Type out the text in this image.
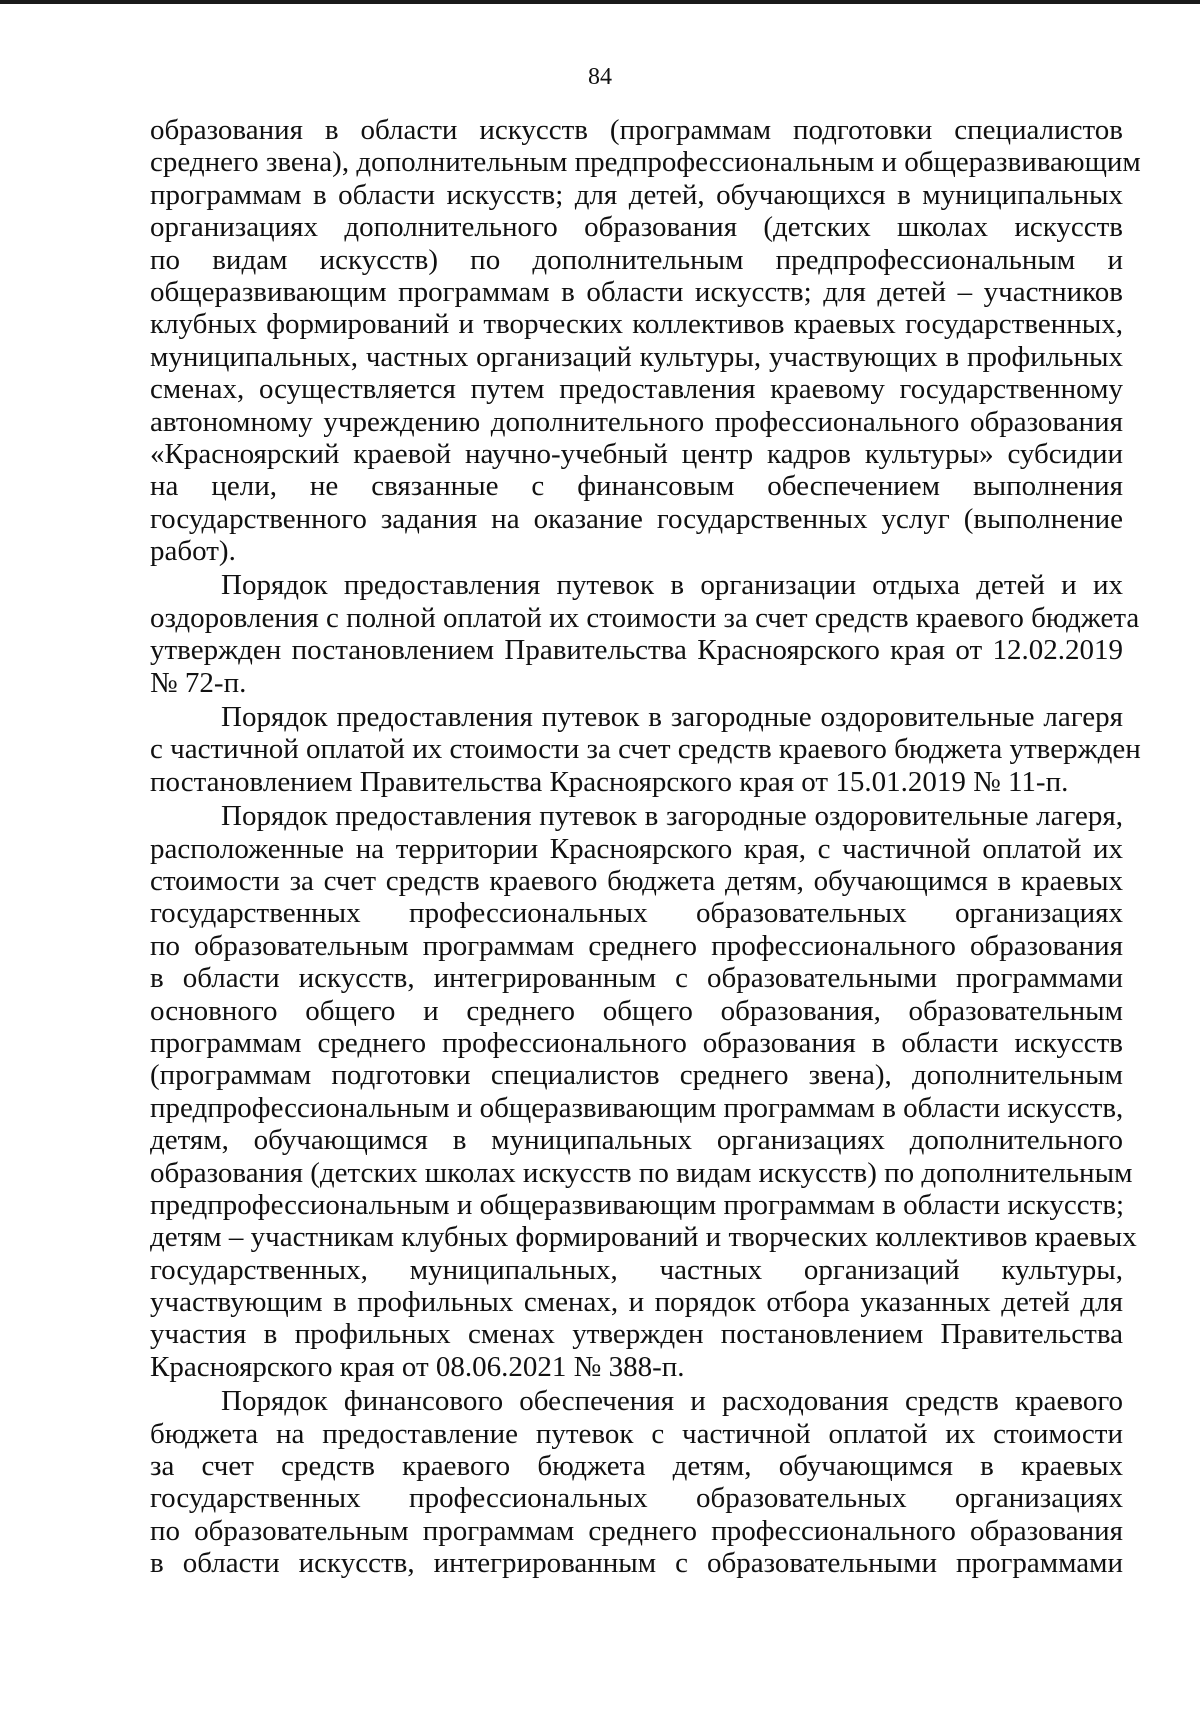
84
образования в области искусств (программам подготовки специалистов
среднего звена), дополнительным предпрофессиональным и общеразвивающим
программам в области искусств; для детей, обучающихся в муниципальных
организациях дополнительного образования (детских школах искусств
по видам искусств) по дополнительным предпрофессиональным и
общеразвивающим программам в области искусств; для детей – участников
клубных формирований и творческих коллективов краевых государственных,
муниципальных, частных организаций культуры, участвующих в профильных
сменах, осуществляется путем предоставления краевому государственному
автономному учреждению дополнительного профессионального образования
«Красноярский краевой научно-учебный центр кадров культуры» субсидии
на цели, не связанные с финансовым обеспечением выполнения
государственного задания на оказание государственных услуг (выполнение
работ).
Порядок предоставления путевок в организации отдыха детей и их
оздоровления с полной оплатой их стоимости за счет средств краевого бюджета
утвержден постановлением Правительства Красноярского края от 12.02.2019
№ 72-п.
Порядок предоставления путевок в загородные оздоровительные лагеря
с частичной оплатой их стоимости за счет средств краевого бюджета утвержден
постановлением Правительства Красноярского края от 15.01.2019 № 11-п.
Порядок предоставления путевок в загородные оздоровительные лагеря,
расположенные на территории Красноярского края, с частичной оплатой их
стоимости за счет средств краевого бюджета детям, обучающимся в краевых
государственных профессиональных образовательных организациях
по образовательным программам среднего профессионального образования
в области искусств, интегрированным с образовательными программами
основного общего и среднего общего образования, образовательным
программам среднего профессионального образования в области искусств
(программам подготовки специалистов среднего звена), дополнительным
предпрофессиональным и общеразвивающим программам в области искусств,
детям, обучающимся в муниципальных организациях дополнительного
образования (детских школах искусств по видам искусств) по дополнительным
предпрофессиональным и общеразвивающим программам в области искусств;
детям – участникам клубных формирований и творческих коллективов краевых
государственных, муниципальных, частных организаций культуры,
участвующим в профильных сменах, и порядок отбора указанных детей для
участия в профильных сменах утвержден постановлением Правительства
Красноярского края от 08.06.2021 № 388-п.
Порядок финансового обеспечения и расходования средств краевого
бюджета на предоставление путевок с частичной оплатой их стоимости
за счет средств краевого бюджета детям, обучающимся в краевых
государственных профессиональных образовательных организациях
по образовательным программам среднего профессионального образования
в области искусств, интегрированным с образовательными программами
